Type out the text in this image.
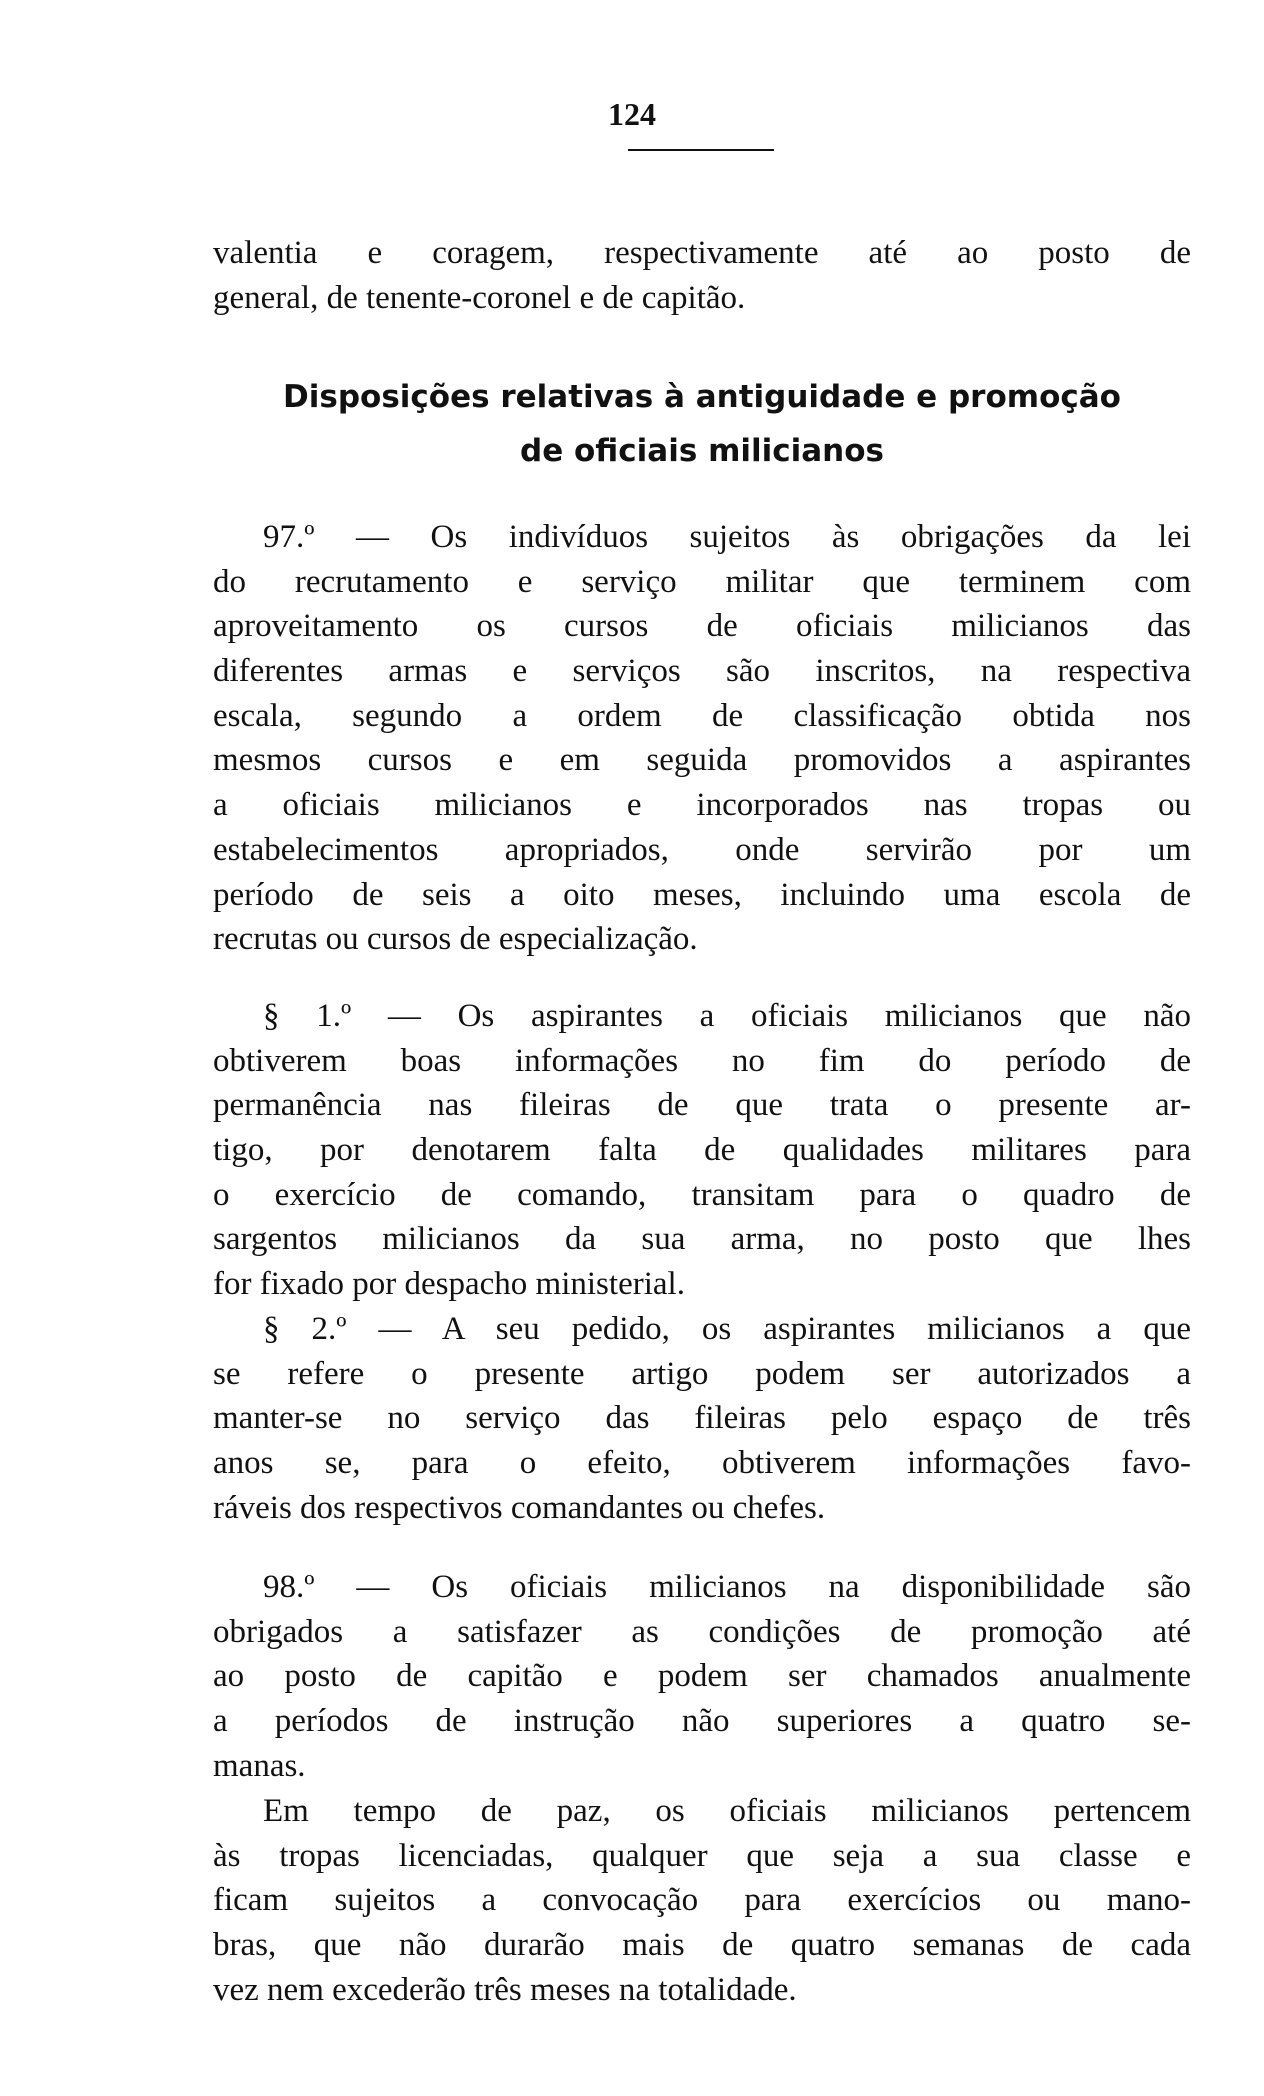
124
Disposições relativas à antiguidade e promoção
de oficiais milicianos
valentia e coragem, respectivamente até ao posto de
general, de tenente-coronel e de capitão.
97.º — Os indivíduos sujeitos às obrigações da lei
do recrutamento e serviço militar que terminem com
aproveitamento os cursos de oficiais milicianos das
diferentes armas e serviços são inscritos, na respectiva
escala, segundo a ordem de classificação obtida nos
mesmos cursos e em seguida promovidos a aspirantes
a oficiais milicianos e incorporados nas tropas ou
estabelecimentos apropriados, onde servirão por um
período de seis a oito meses, incluindo uma escola de
recrutas ou cursos de especialização.
§ 1.º — Os aspirantes a oficiais milicianos que não
obtiverem boas informações no fim do período de
permanência nas fileiras de que trata o presente ar-
tigo, por denotarem falta de qualidades militares para
o exercício de comando, transitam para o quadro de
sargentos milicianos da sua arma, no posto que lhes
for fixado por despacho ministerial.
§ 2.º — A seu pedido, os aspirantes milicianos a que
se refere o presente artigo podem ser autorizados a
manter-se no serviço das fileiras pelo espaço de três
anos se, para o efeito, obtiverem informações favo-
ráveis dos respectivos comandantes ou chefes.
98.º — Os oficiais milicianos na disponibilidade são
obrigados a satisfazer as condições de promoção até
ao posto de capitão e podem ser chamados anualmente
a períodos de instrução não superiores a quatro se-
manas.
Em tempo de paz, os oficiais milicianos pertencem
às tropas licenciadas, qualquer que seja a sua classe e
ficam sujeitos a convocação para exercícios ou mano-
bras, que não durarão mais de quatro semanas de cada
vez nem excederão três meses na totalidade.
